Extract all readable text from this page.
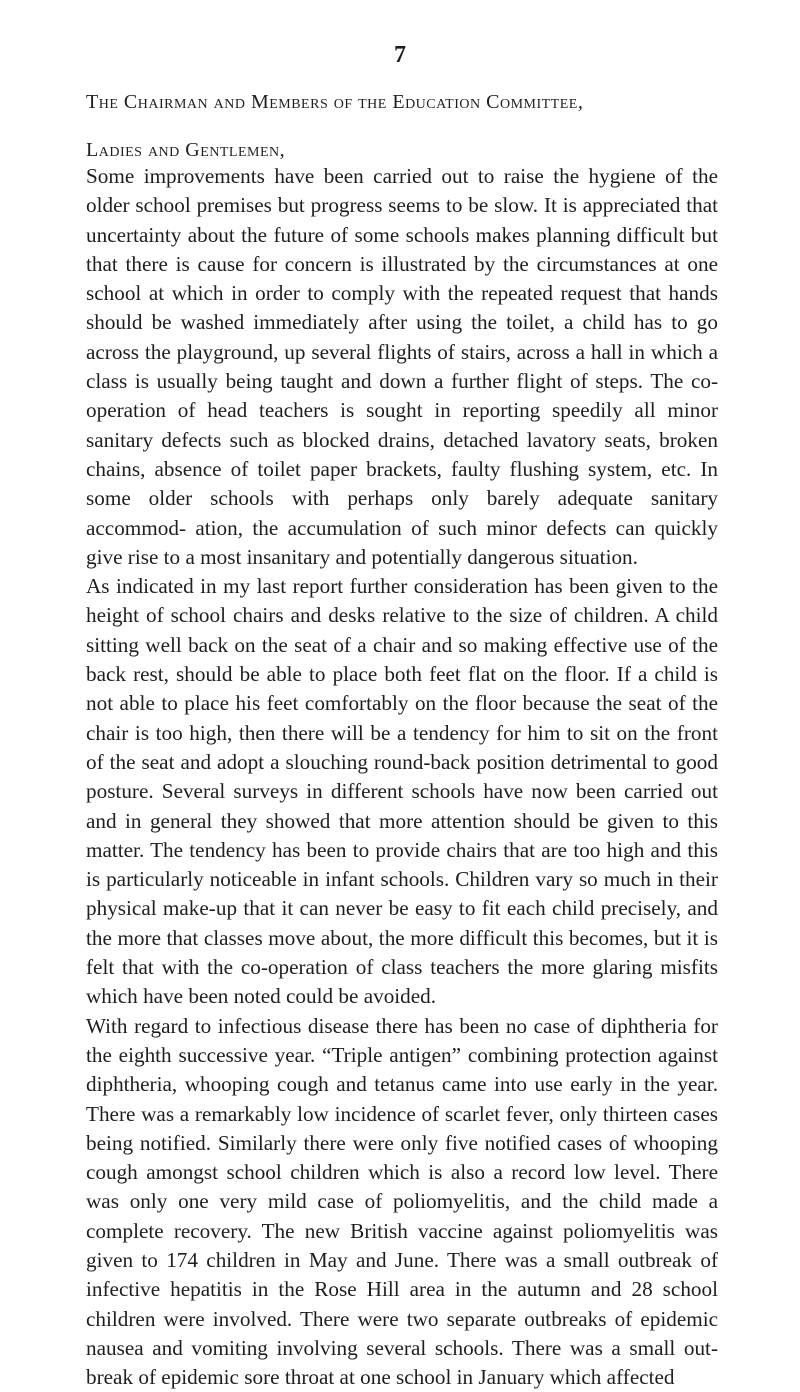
7
The Chairman and Members of the Education Committee,
Ladies and Gentlemen,

Some improvements have been carried out to raise the hygiene of the older school premises but progress seems to be slow. It is appreciated that uncertainty about the future of some schools makes planning difficult but that there is cause for concern is illustrated by the circumstances at one school at which in order to comply with the repeated request that hands should be washed immediately after using the toilet, a child has to go across the playground, up several flights of stairs, across a hall in which a class is usually being taught and down a further flight of steps. The co-operation of head teachers is sought in reporting speedily all minor sanitary defects such as blocked drains, detached lavatory seats, broken chains, absence of toilet paper brackets, faulty flushing system, etc. In some older schools with perhaps only barely adequate sanitary accommod- ation, the accumulation of such minor defects can quickly give rise to a most insanitary and potentially dangerous situation.

As indicated in my last report further consideration has been given to the height of school chairs and desks relative to the size of children. A child sitting well back on the seat of a chair and so making effective use of the back rest, should be able to place both feet flat on the floor. If a child is not able to place his feet comfortably on the floor because the seat of the chair is too high, then there will be a tendency for him to sit on the front of the seat and adopt a slouching round-back position detrimental to good posture. Several surveys in different schools have now been carried out and in general they showed that more attention should be given to this matter. The tendency has been to provide chairs that are too high and this is particularly noticeable in infant schools. Children vary so much in their physical make-up that it can never be easy to fit each child precisely, and the more that classes move about, the more difficult this becomes, but it is felt that with the co-operation of class teachers the more glaring misfits which have been noted could be avoided.

With regard to infectious disease there has been no case of diphtheria for the eighth successive year. “Triple antigen” combining protection against diphtheria, whooping cough and tetanus came into use early in the year. There was a remarkably low incidence of scarlet fever, only thirteen cases being notified. Similarly there were only five notified cases of whooping cough amongst school children which is also a record low level. There was only one very mild case of poliomyelitis, and the child made a complete recovery. The new British vaccine against poliomyelitis was given to 174 children in May and June. There was a small outbreak of infective hepatitis in the Rose Hill area in the autumn and 28 school children were involved. There were two separate outbreaks of epidemic nausea and vomiting involving several schools. There was a small out- break of epidemic sore throat at one school in January which affected
